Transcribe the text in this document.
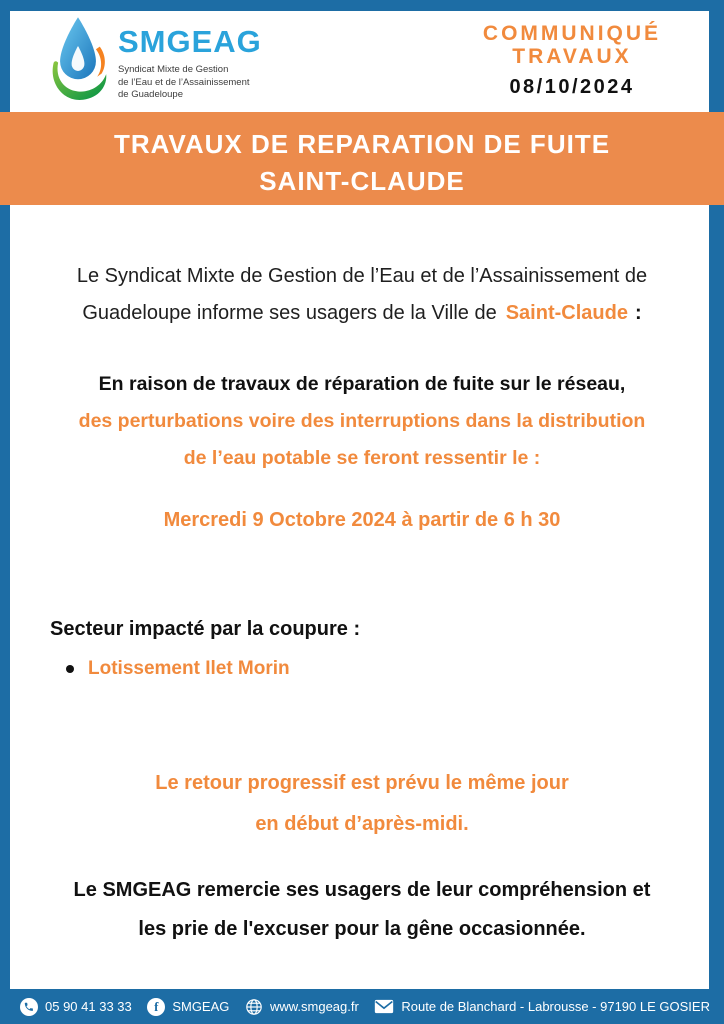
SMGEAG
Syndicat Mixte de Gestion
de l’Eau et de l’Assainissement
de Guadeloupe
COMMUNIQUÉ
TRAVAUX
08/10/2024
TRAVAUX DE REPARATION DE FUITE
SAINT-CLAUDE
Le Syndicat Mixte de Gestion de l’Eau et de l’Assainissement de
Guadeloupe informe ses usagers de la Ville de Saint-Claude :
En raison de travaux de réparation de fuite sur le réseau,
des perturbations voire des interruptions dans la distribution
de l’eau potable se feront ressentir le :
Mercredi 9 Octobre 2024 à partir de 6 h 30
Secteur impacté par la coupure :
Lotissement Ilet Morin
Le retour progressif est prévu le même jour
en début d’après-midi.
Le SMGEAG remercie ses usagers de leur compréhension et
les prie de l'excuser pour la gêne occasionnée.
05 90 41 33 33 f SMGEAG	www.smgeag.fr	Route de Blanchard - Labrousse - 97190 LE GOSIER
